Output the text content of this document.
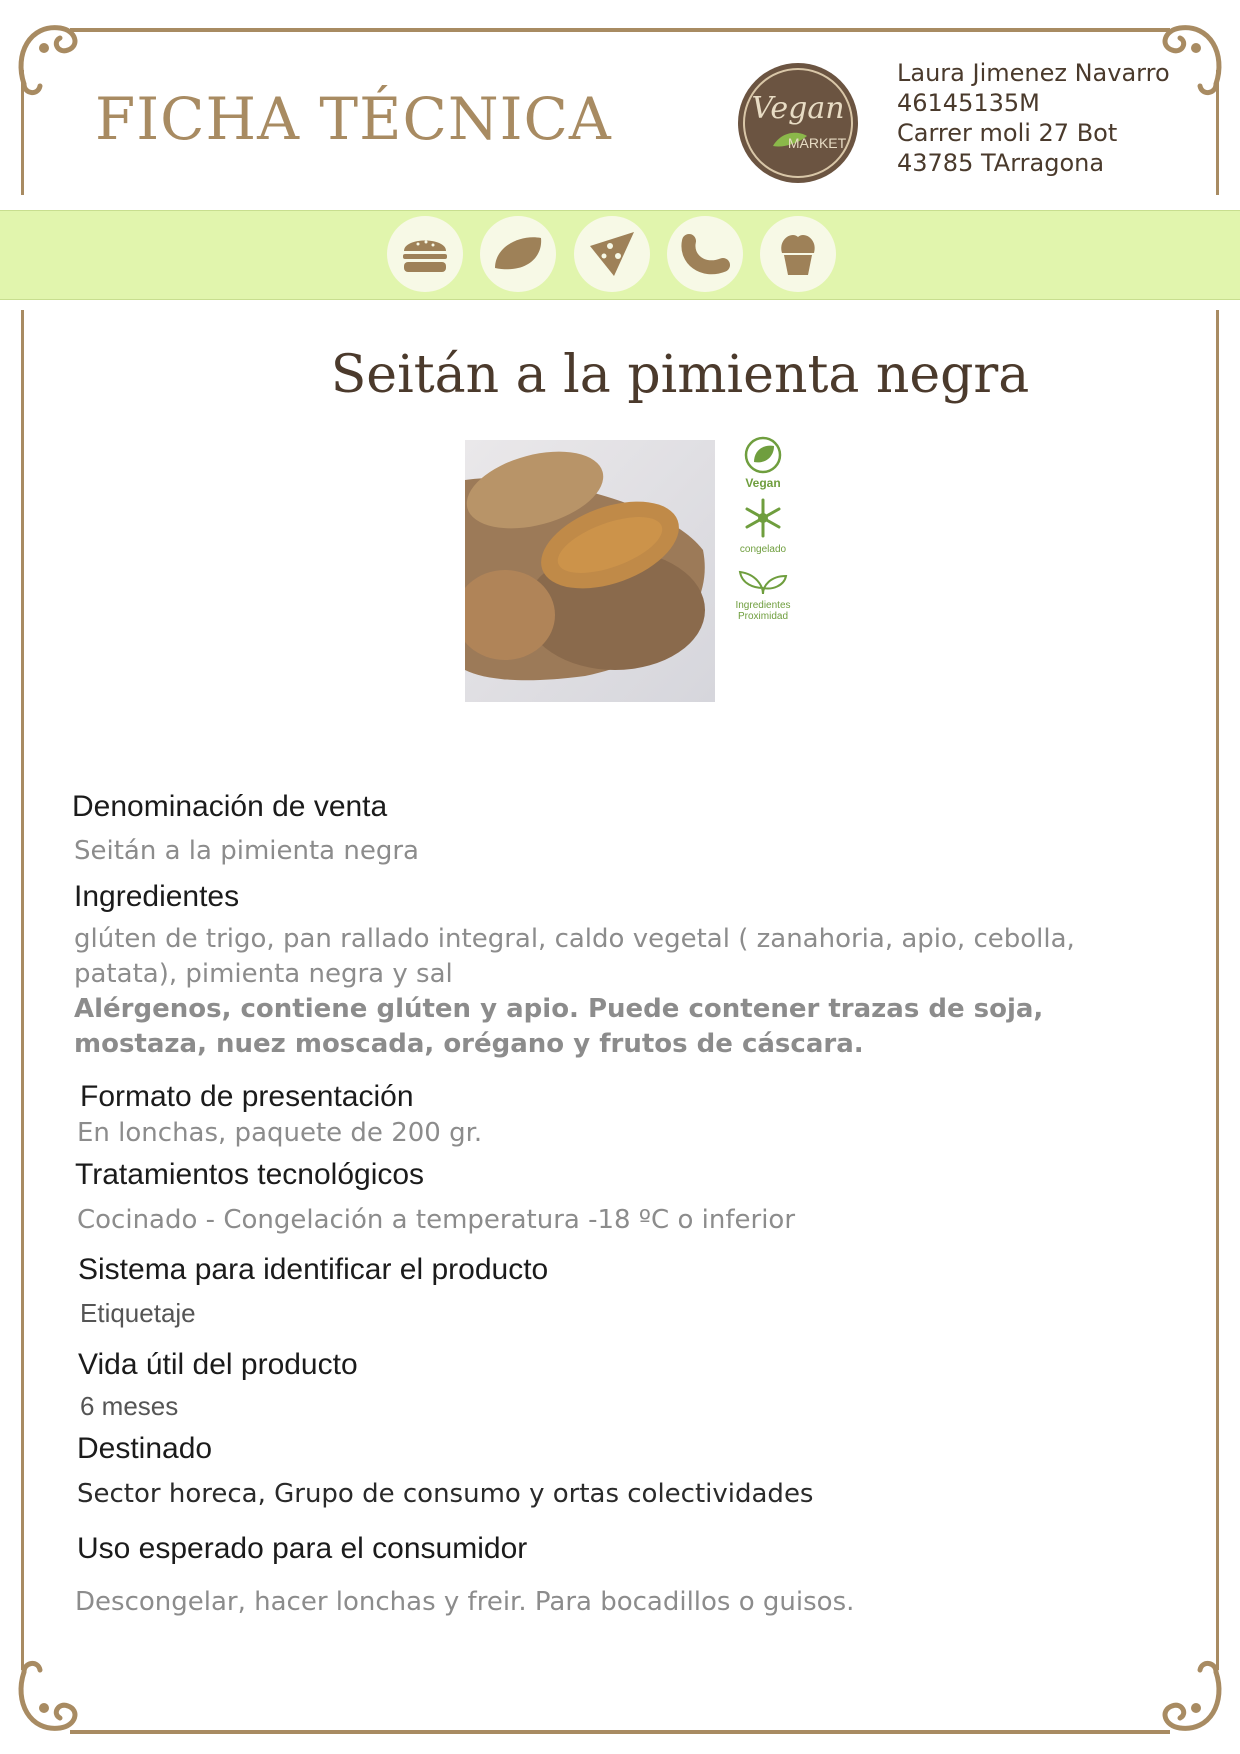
FICHA TÉCNICA	Vegan
MARKET
Laura Jimenez Navarro
46145135M
Carrer moli 27 Bot
43785 TArragona
Seitán a la pimienta negra
Vegan
congelado
Ingredientes Proximidad
Denominación de venta
Seitán a la pimienta negra
Ingredientes
glúten de trigo, pan rallado integral, caldo vegetal ( zanahoria, apio, cebolla, patata), pimienta negra y sal
Alérgenos, contiene glúten y apio. Puede contener trazas de soja, mostaza, nuez moscada, orégano y frutos de cáscara.
Formato de presentación
En lonchas, paquete de 200 gr.
Tratamientos tecnológicos
Cocinado - Congelación a temperatura -18 ºC o inferior
Sistema para identificar el producto
Etiquetaje
Vida útil del producto
6 meses
Destinado
Sector horeca, Grupo de consumo y ortas colectividades
Uso esperado para el consumidor
Descongelar, hacer lonchas y freir. Para bocadillos o guisos.
